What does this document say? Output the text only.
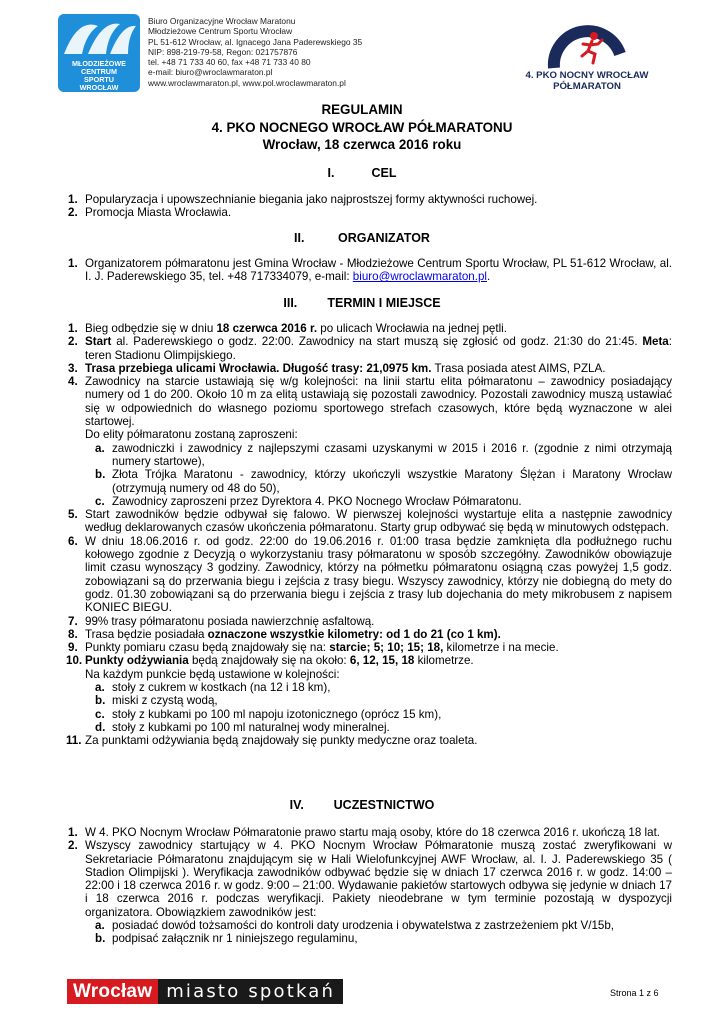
MŁODZIEŻOWE
CENTRUM
SPORTU
WROCŁAW
Biuro Organizacyjne Wrocław Maratonu
Młodzieżowe Centrum Sportu Wrocław
PL 51-612 Wrocław, al. Ignacego Jana Paderewskiego 35
NIP: 898-219-79-58, Regon: 021757876
tel. +48 71 733 40 60, fax +48 71 733 40 80
e-mail: biuro@wroclawmaraton.pl
www.wroclawmaraton.pl, www.pol.wroclawmaraton.pl
4. PKO NOCNY WROCŁAW
PÓŁMARATON
REGULAMIN
4. PKO NOCNEGO WROCŁAW PÓŁMARATONU
Wrocław, 18 czerwca 2016 roku
I.	CEL
1. Popularyzacja i upowszechnianie biegania jako najprostszej formy aktywności ruchowej.
2. Promocja Miasta Wrocławia.
II.	ORGANIZATOR
1. Organizatorem półmaratonu jest Gmina Wrocław - Młodzieżowe Centrum Sportu Wrocław, PL 51-612 Wrocław, al. I. J. Paderewskiego 35, tel. +48 717334079, e-mail: biuro@wroclawmaraton.pl.
III. TERMIN I MIEJSCE
1. Bieg odbędzie się w dniu 18 czerwca 2016 r. po ulicach Wrocławia na jednej pętli.
2. Start al. Paderewskiego o godz. 22:00. Zawodnicy na start muszą się zgłosić od godz. 21:30 do 21:45. Meta: teren Stadionu Olimpijskiego.
3. Trasa przebiega ulicami Wrocławia. Długość trasy: 21,0975 km. Trasa posiada atest AIMS, PZLA.
4. Zawodnicy na starcie ustawiają się w/g kolejności: na linii startu elita półmaratonu – zawodnicy posiadający numery od 1 do 200. Około 10 m za elitą ustawiają się pozostali zawodnicy. Pozostali zawodnicy muszą ustawiać się w odpowiednich do własnego poziomu sportowego strefach czasowych, które będą wyznaczone w alei startowej.
Do elity półmaratonu zostaną zaproszeni:
a. zawodniczki i zawodnicy z najlepszymi czasami uzyskanymi w 2015 i 2016 r. (zgodnie z nimi otrzymają numery startowe),
b. Złota Trójka Maratonu - zawodnicy, którzy ukończyli wszystkie Maratony Ślężan i Maratony Wrocław (otrzymują numery od 48 do 50),
c. Zawodnicy zaproszeni przez Dyrektora 4. PKO Nocnego Wrocław Półmaratonu.
5. Start zawodników będzie odbywał się falowo. W pierwszej kolejności wystartuje elita a następnie zawodnicy według deklarowanych czasów ukończenia półmaratonu. Starty grup odbywać się będą w minutowych odstępach.
6. W dniu 18.06.2016 r. od godz. 22:00 do 19.06.2016 r. 01:00 trasa będzie zamknięta dla podłużnego ruchu kołowego zgodnie z Decyzją o wykorzystaniu trasy półmaratonu w sposób szczegółny. Zawodników obowiązuje limit czasu wynoszący 3 godziny. Zawodnicy, którzy na półmetku półmaratonu osiągną czas powyżej 1,5 godz. zobowiązani są do przerwania biegu i zejścia z trasy biegu. Wszyscy zawodnicy, którzy nie dobiegną do mety do godz. 01.30 zobowiązani są do przerwania biegu i zejścia z trasy lub dojechania do mety mikrobusem z napisem KONIEC BIEGU.
7. 99% trasy półmaratonu posiada nawierzchnię asfaltową.
8. Trasa będzie posiadała oznaczone wszystkie kilometry: od 1 do 21 (co 1 km).
9. Punkty pomiaru czasu będą znajdowały się na: starcie; 5; 10; 15; 18, kilometrze i na mecie.
10. Punkty odżywiania będą znajdowały się na około: 6, 12, 15, 18 kilometrze.
Na każdym punkcie będą ustawione w kolejności:
a. stoły z cukrem w kostkach (na 12 i 18 km),
b. miski z czystą wodą,
c. stoły z kubkami po 100 ml napoju izotonicznego (oprócz 15 km),
d. stoły z kubkami po 100 ml naturalnej wody mineralnej.
11. Za punktami odżywiania będą znajdowały się punkty medyczne oraz toaleta.
IV. UCZESTNICTWO
1. W 4. PKO Nocnym Wrocław Półmaratonie prawo startu mają osoby, które do 18 czerwca 2016 r. ukończą 18 lat.
2. Wszyscy zawodnicy startujący w 4. PKO Nocnym Wrocław Półmaratonie muszą zostać zweryfikowani w Sekretariacie Półmaratonu znajdującym się w Hali Wielofunkcyjnej AWF Wrocław, al. I. J. Paderewskiego 35 ( Stadion Olimpijski ). Weryfikacja zawodników odbywać będzie się w dniach 17 czerwca 2016 r. w godz. 14:00 – 22:00 i 18 czerwca 2016 r. w godz. 9:00 – 21:00. Wydawanie pakietów startowych odbywa się jedynie w dniach 17 i 18 czerwca 2016 r. podczas weryfikacji. Pakiety nieodebrane w tym terminie pozostają w dyspozycji organizatora. Obowiązkiem zawodników jest:
a. posiadać dowód tożsamości do kontroli daty urodzenia i obywatelstwa z zastrzeżeniem pkt V/15b,
b. podpisać załącznik nr 1 niniejszego regulaminu,
Wrocław miasto spotkań	Strona 1 z 6
